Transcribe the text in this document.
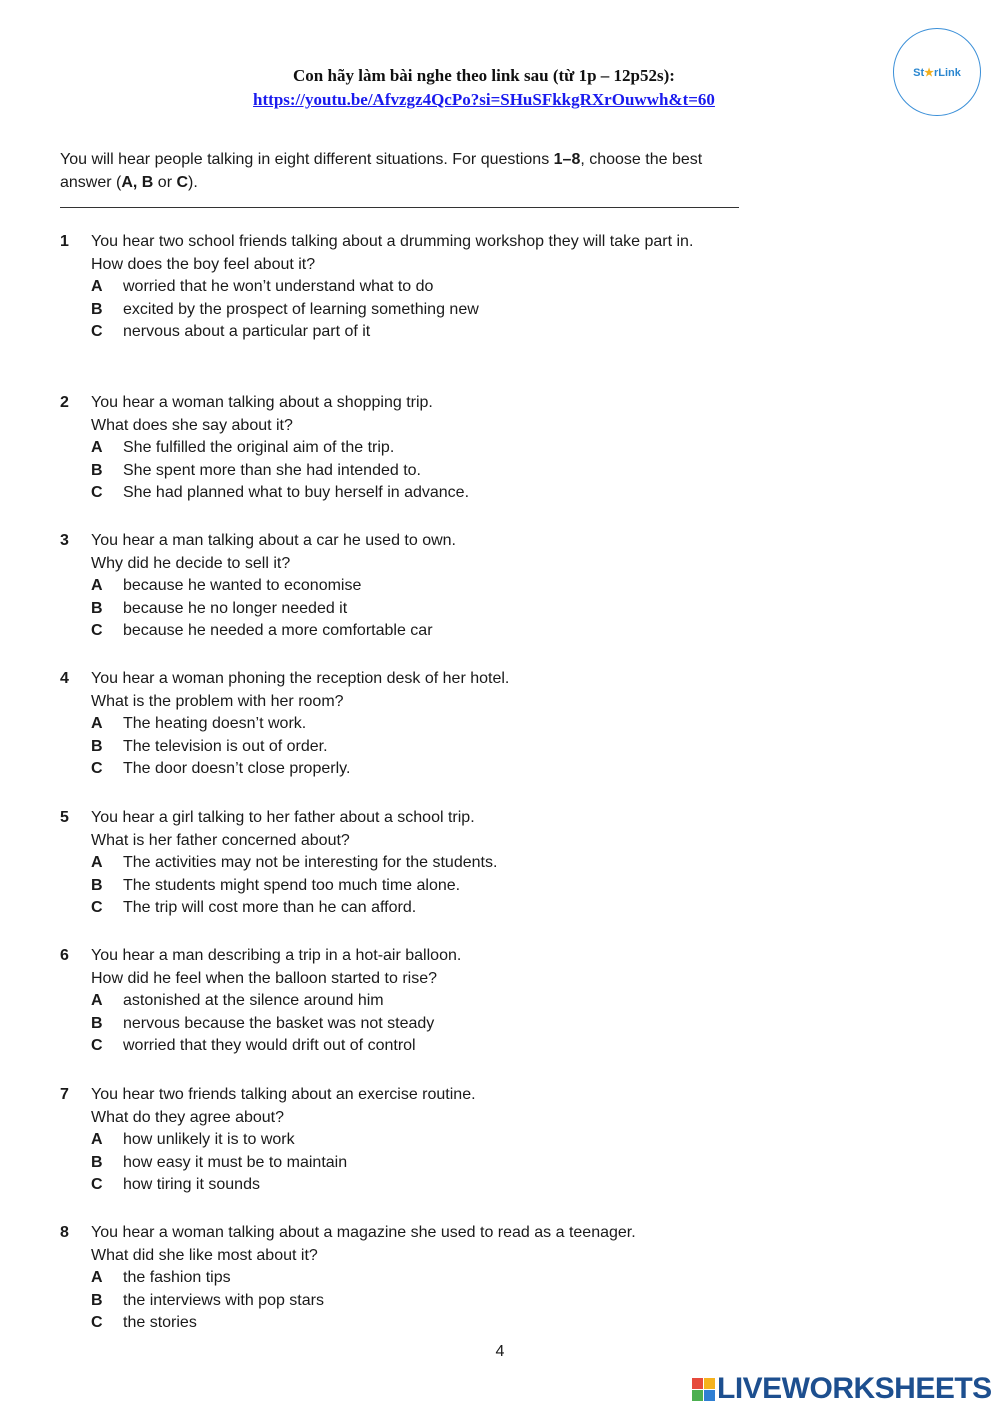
Con hãy làm bài nghe theo link sau (từ 1p – 12p52s):
https://youtu.be/Afvzgz4QcPo?si=SHuSFkkgRXrOuwwh&t=60
St★rLink
You will hear people talking in eight different situations. For questions 1–8, choose the best answer (A, B or C).
1 You hear two school friends talking about a drumming workshop they will take part in.
How does the boy feel about it?
A	worried that he won’t understand what to do
B	excited by the prospect of learning something new
C	nervous about a particular part of it
2 You hear a woman talking about a shopping trip.
What does she say about it?
A	She fulfilled the original aim of the trip.
B	She spent more than she had intended to.
C	She had planned what to buy herself in advance.
3 You hear a man talking about a car he used to own.
Why did he decide to sell it?
A	because he wanted to economise
B	because he no longer needed it
C	because he needed a more comfortable car
4 You hear a woman phoning the reception desk of her hotel.
What is the problem with her room?
A	The heating doesn’t work.
B	The television is out of order.
C	The door doesn’t close properly.
5 You hear a girl talking to her father about a school trip.
What is her father concerned about?
A	The activities may not be interesting for the students.
B	The students might spend too much time alone.
C	The trip will cost more than he can afford.
6 You hear a man describing a trip in a hot-air balloon.
How did he feel when the balloon started to rise?
A	astonished at the silence around him
B	nervous because the basket was not steady
C	worried that they would drift out of control
7 You hear two friends talking about an exercise routine.
What do they agree about?
A	how unlikely it is to work
B	how easy it must be to maintain
C	how tiring it sounds
8 You hear a woman talking about a magazine she used to read as a teenager.
What did she like most about it?
A	the fashion tips
B	the interviews with pop stars
C	the stories
4
LIVEWORKSHEETS
